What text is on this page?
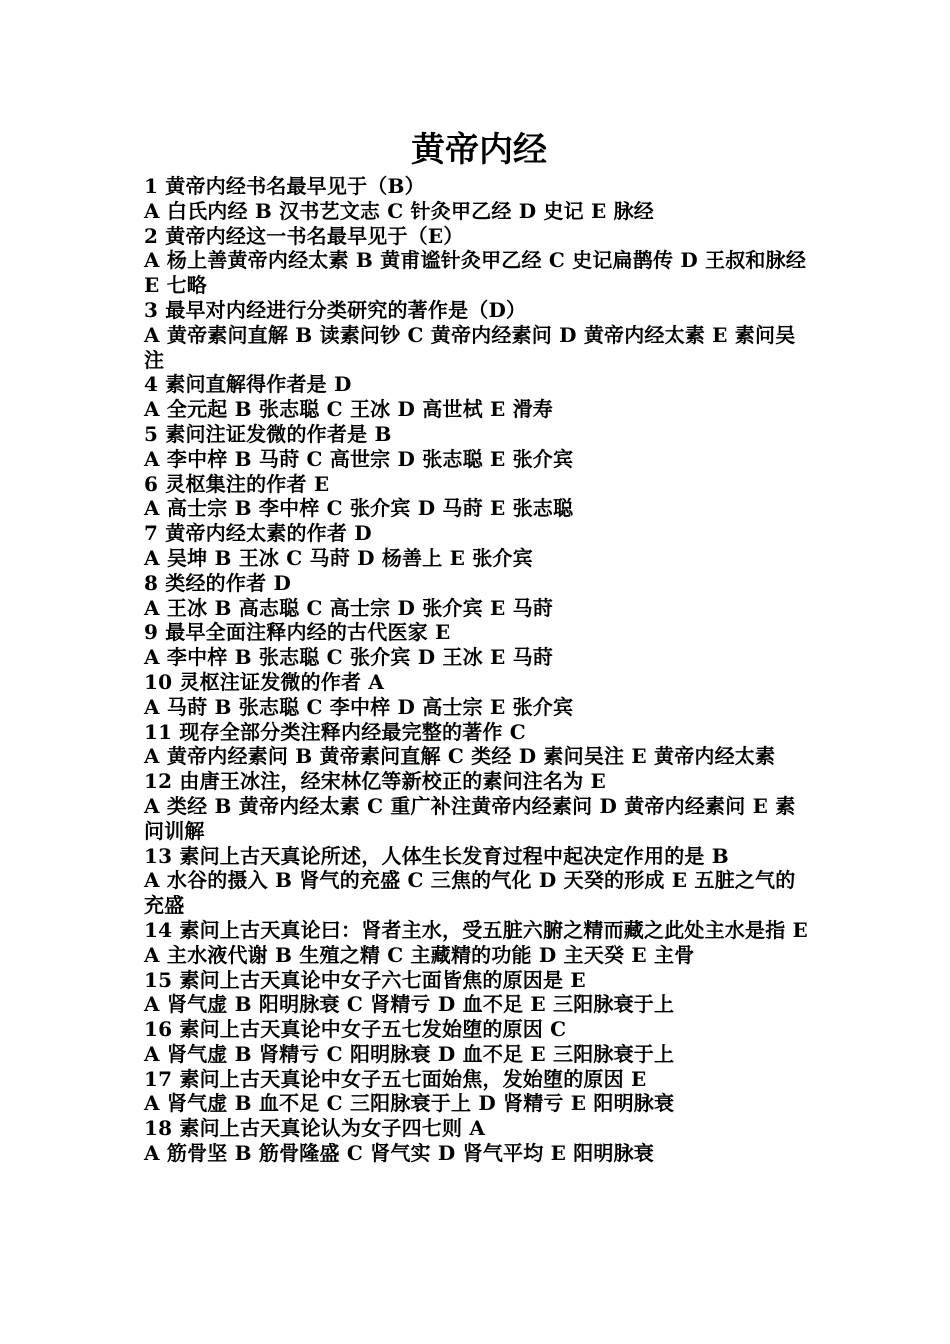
黄帝内经

1 黄帝内经书名最早见于（B）

A 白氏内经 B 汉书艺文志 C 针灸甲乙经 D 史记 E 脉经

2 黄帝内经这一书名最早见于（E）

A 杨上善黄帝内经太素 B 黄甫谧针灸甲乙经 C 史记扁鹊传 D 王叔和脉经 E 七略

3 最早对内经进行分类研究的著作是（D）

A 黄帝素问直解 B 读素问钞 C 黄帝内经素问 D 黄帝内经太素 E 素问吴注

4 素问直解得作者是 D

A 全元起 B 张志聪 C 王冰 D 高世栻 E 滑寿

5 素问注证发微的作者是 B

A 李中梓 B 马莳 C 高世宗 D 张志聪 E 张介宾

6 灵枢集注的作者 E

A 高士宗 B 李中梓 C 张介宾 D 马莳 E 张志聪

7 黄帝内经太素的作者 D

A 吴坤 B 王冰 C 马莳 D 杨善上 E 张介宾

8 类经的作者 D

A 王冰 B 高志聪 C 高士宗 D 张介宾 E 马莳

9 最早全面注释内经的古代医家 E

A 李中梓 B 张志聪 C 张介宾 D 王冰 E 马莳

10 灵枢注证发微的作者 A

A 马莳 B 张志聪 C 李中梓 D 高士宗 E 张介宾

11 现存全部分类注释内经最完整的著作 C

A 黄帝内经素问 B 黄帝素问直解 C 类经 D 素问吴注 E 黄帝内经太素

12 由唐王冰注，经宋林亿等新校正的素问注名为 E

A 类经 B 黄帝内经太素 C 重广补注黄帝内经素问 D 黄帝内经素问 E 素问训解

13 素问上古天真论所述，人体生长发育过程中起决定作用的是 B

A 水谷的摄入 B 肾气的充盛 C 三焦的气化 D 天癸的形成 E 五脏之气的充盛

14 素问上古天真论曰：肾者主水，受五脏六腑之精而藏之此处主水是指 E

A 主水液代谢 B 生殖之精 C 主藏精的功能 D 主天癸 E 主骨

15 素问上古天真论中女子六七面皆焦的原因是 E

A 肾气虚 B 阳明脉衰 C 肾精亏 D 血不足 E 三阳脉衰于上

16 素问上古天真论中女子五七发始堕的原因 C

A 肾气虚 B 肾精亏 C 阳明脉衰 D 血不足 E 三阳脉衰于上

17 素问上古天真论中女子五七面始焦，发始堕的原因 E

A 肾气虚 B 血不足 C 三阳脉衰于上 D 肾精亏 E 阳明脉衰

18 素问上古天真论认为女子四七则 A

A 筋骨坚 B 筋骨隆盛 C 肾气实 D 肾气平均 E 阳明脉衰
